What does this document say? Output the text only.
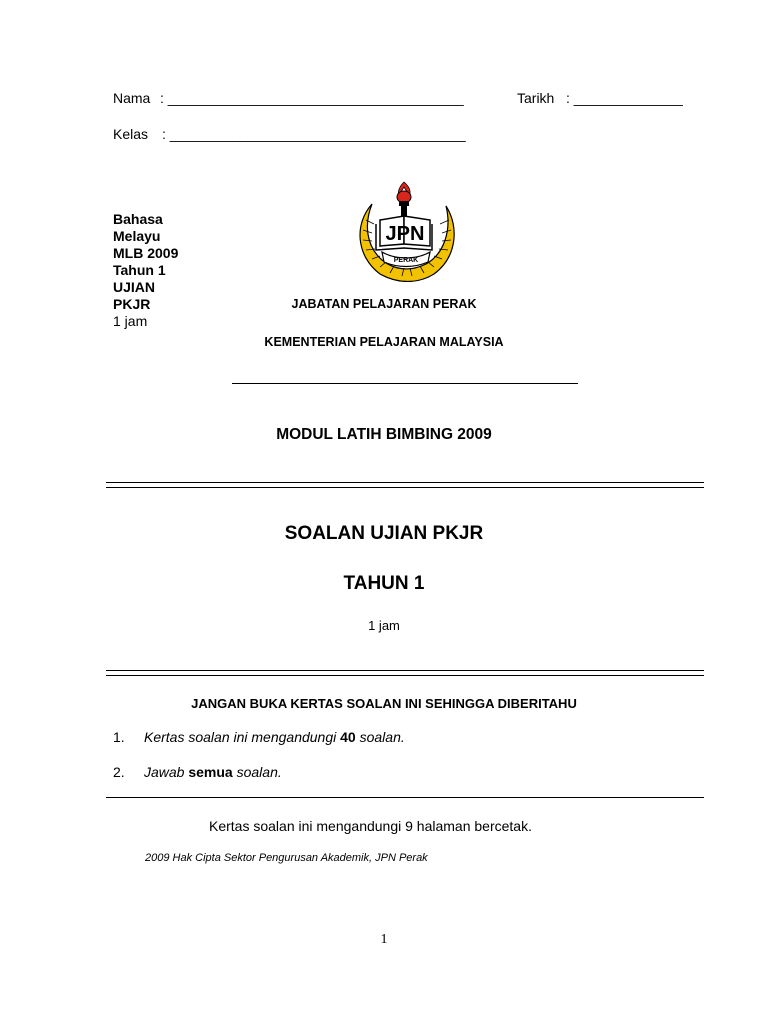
Nama : ______________________________________	Tarikh : ______________
Kelas : ______________________________________
Bahasa
Melayu
MLB 2009
Tahun 1
UJIAN
PKJR
1 jam
JPN
PERAK
JABATAN PELAJARAN PERAK
KEMENTERIAN PELAJARAN MALAYSIA
MODUL LATIH BIMBING 2009
SOALAN UJIAN PKJR
TAHUN 1
1 jam
JANGAN BUKA KERTAS SOALAN INI SEHINGGA DIBERITAHU
1. Kertas soalan ini mengandungi 40 soalan.
2. Jawab semua soalan.
Kertas soalan ini mengandungi 9 halaman bercetak.
2009 Hak Cipta Sektor Pengurusan Akademik, JPN Perak
1
